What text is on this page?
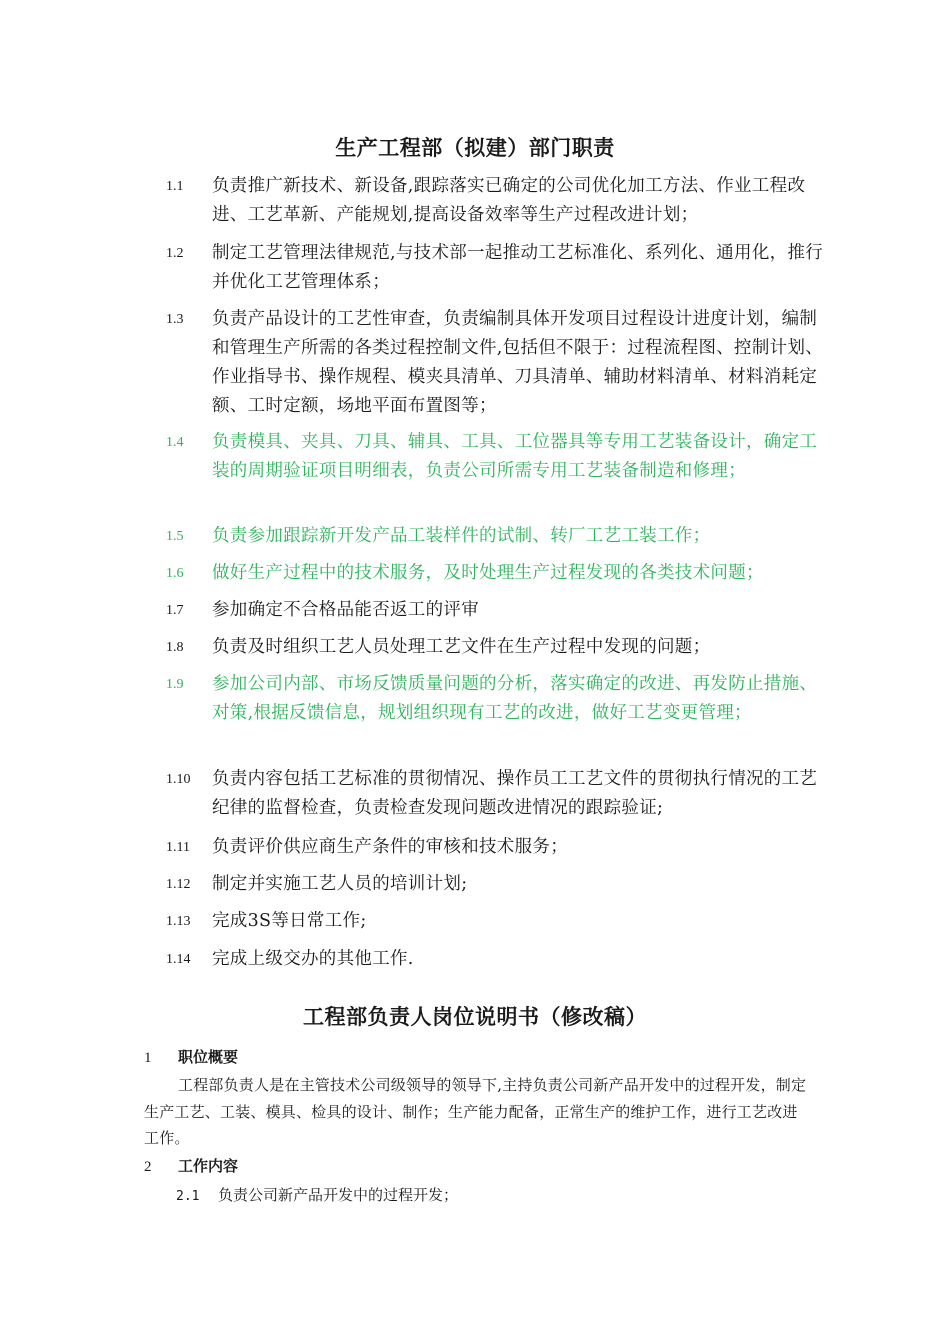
生产工程部（拟建）部门职责
1.1	负责推广新技术、新设备,跟踪落实已确定的公司优化加工方法、作业工程改进、工艺革新、产能规划,提高设备效率等生产过程改进计划；
1.2	制定工艺管理法律规范,与技术部一起推动工艺标准化、系列化、通用化，推行并优化工艺管理体系；
1.3	负责产品设计的工艺性审查，负责编制具体开发项目过程设计进度计划，编制和管理生产所需的各类过程控制文件,包括但不限于：过程流程图、控制计划、作业指导书、操作规程、模夹具清单、刀具清单、辅助材料清单、材料消耗定额、工时定额，场地平面布置图等；
1.4	负责模具、夹具、刀具、辅具、工具、工位器具等专用工艺装备设计，确定工装的周期验证项目明细表，负责公司所需专用工艺装备制造和修理；
1.5	负责参加跟踪新开发产品工装样件的试制、转厂工艺工装工作；
1.6	做好生产过程中的技术服务，及时处理生产过程发现的各类技术问题；
1.7	参加确定不合格品能否返工的评审
1.8	负责及时组织工艺人员处理工艺文件在生产过程中发现的问题；
1.9	参加公司内部、市场反馈质量问题的分析，落实确定的改进、再发防止措施、对策,根据反馈信息，规划组织现有工艺的改进，做好工艺变更管理；
1.10	负责内容包括工艺标准的贯彻情况、操作员工工艺文件的贯彻执行情况的工艺纪律的监督检查，负责检查发现问题改进情况的跟踪验证;
1.11	负责评价供应商生产条件的审核和技术服务；
1.12	制定并实施工艺人员的培训计划;
1.13	完成3S等日常工作;
1.14	完成上级交办的其他工作.
工程部负责人岗位说明书（修改稿）
1 职位概要
工程部负责人是在主管技术公司级领导的领导下,主持负责公司新产品开发中的过程开发，制定生产工艺、工装、模具、检具的设计、制作；生产能力配备，正常生产的维护工作，进行工艺改进工作。
2 工作内容
2.1 负责公司新产品开发中的过程开发；
